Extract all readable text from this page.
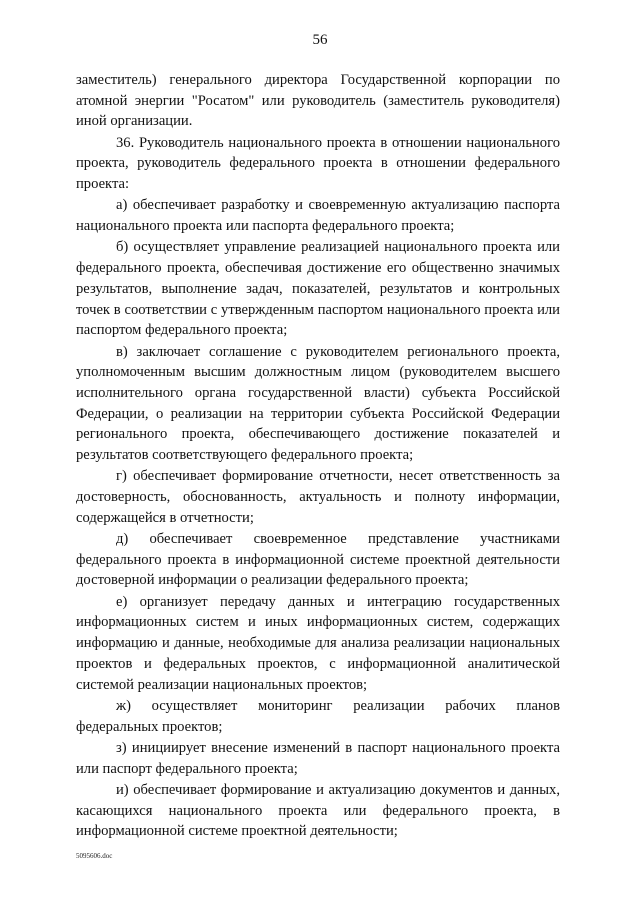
56

заместитель) генерального директора Государственной корпорации по атомной энергии "Росатом" или руководитель (заместитель руководителя) иной организации.

36. Руководитель национального проекта в отношении национального проекта, руководитель федерального проекта в отношении федерального проекта:

а) обеспечивает разработку и своевременную актуализацию паспорта национального проекта или паспорта федерального проекта;

б) осуществляет управление реализацией национального проекта или федерального проекта, обеспечивая достижение его общественно значимых результатов, выполнение задач, показателей, результатов и контрольных точек в соответствии с утвержденным паспортом национального проекта или паспортом федерального проекта;

в) заключает соглашение с руководителем регионального проекта, уполномоченным высшим должностным лицом (руководителем высшего исполнительного органа государственной власти) субъекта Российской Федерации, о реализации на территории субъекта Российской Федерации регионального проекта, обеспечивающего достижение показателей и результатов соответствующего федерального проекта;

г) обеспечивает формирование отчетности, несет ответственность за достоверность, обоснованность, актуальность и полноту информации, содержащейся в отчетности;

д) обеспечивает своевременное представление участниками федерального проекта в информационной системе проектной деятельности достоверной информации о реализации федерального проекта;

е) организует передачу данных и интеграцию государственных информационных систем и иных информационных систем, содержащих информацию и данные, необходимые для анализа реализации национальных проектов и федеральных проектов, с информационной аналитической системой реализации национальных проектов;

ж) осуществляет мониторинг реализации рабочих планов федеральных проектов;

з) инициирует внесение изменений в паспорт национального проекта или паспорт федерального проекта;

и) обеспечивает формирование и актуализацию документов и данных, касающихся национального проекта или федерального проекта, в информационной системе проектной деятельности;

5095606.doc
